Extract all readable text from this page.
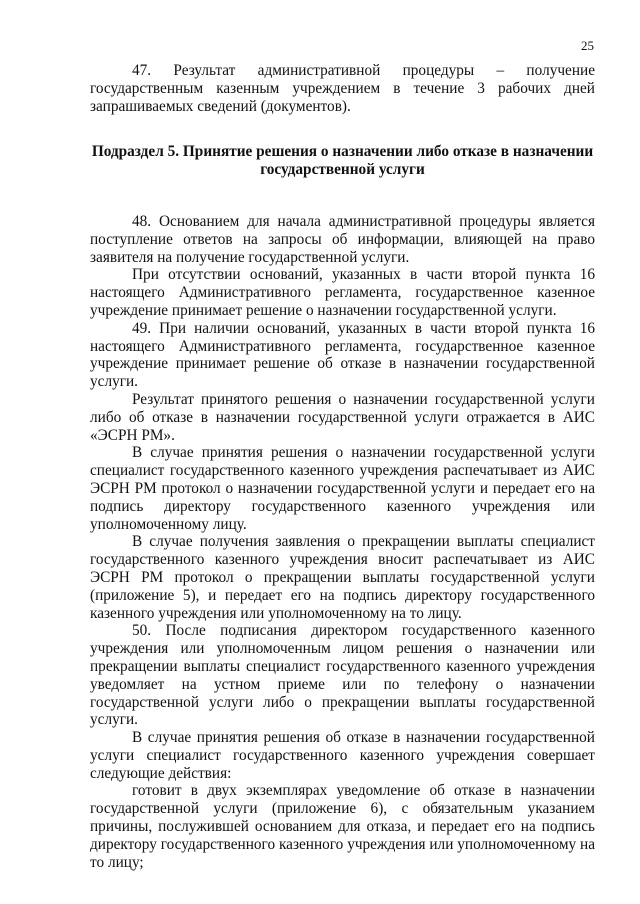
25

47. Результат административной процедуры – получение государственным казенным учреждением в течение 3 рабочих дней запрашиваемых сведений (документов).

Подраздел 5. Принятие решения о назначении либо отказе в назначении государственной услуги

48. Основанием для начала административной процедуры является поступление ответов на запросы об информации, влияющей на право заявителя на получение государственной услуги.

При отсутствии оснований, указанных в части второй пункта 16 настоящего Административного регламента, государственное казенное учреждение принимает решение о назначении государственной услуги.

49. При наличии оснований, указанных в части второй пункта 16 настоящего Административного регламента, государственное казенное учреждение принимает решение об отказе в назначении государственной услуги.

Результат принятого решения о назначении государственной услуги либо об отказе в назначении государственной услуги отражается в АИС «ЭСРН РМ».

В случае принятия решения о назначении государственной услуги специалист государственного казенного учреждения распечатывает из АИС ЭСРН РМ протокол о назначении государственной услуги и передает его на подпись директору государственного казенного учреждения или уполномоченному лицу.

В случае получения заявления о прекращении выплаты специалист государственного казенного учреждения вносит распечатывает из АИС ЭСРН РМ протокол о прекращении выплаты государственной услуги (приложение 5), и передает его на подпись директору государственного казенного учреждения или уполномоченному на то лицу.

50. После подписания директором государственного казенного учреждения или уполномоченным лицом решения о назначении или прекращении выплаты специалист государственного казенного учреждения уведомляет на устном приеме или по телефону о назначении государственной услуги либо о прекращении выплаты государственной услуги.

В случае принятия решения об отказе в назначении государственной услуги специалист государственного казенного учреждения совершает следующие действия:

готовит в двух экземплярах уведомление об отказе в назначении государственной услуги (приложение 6), с обязательным указанием причины, послужившей основанием для отказа, и передает его на подпись директору государственного казенного учреждения или уполномоченному на то лицу;
